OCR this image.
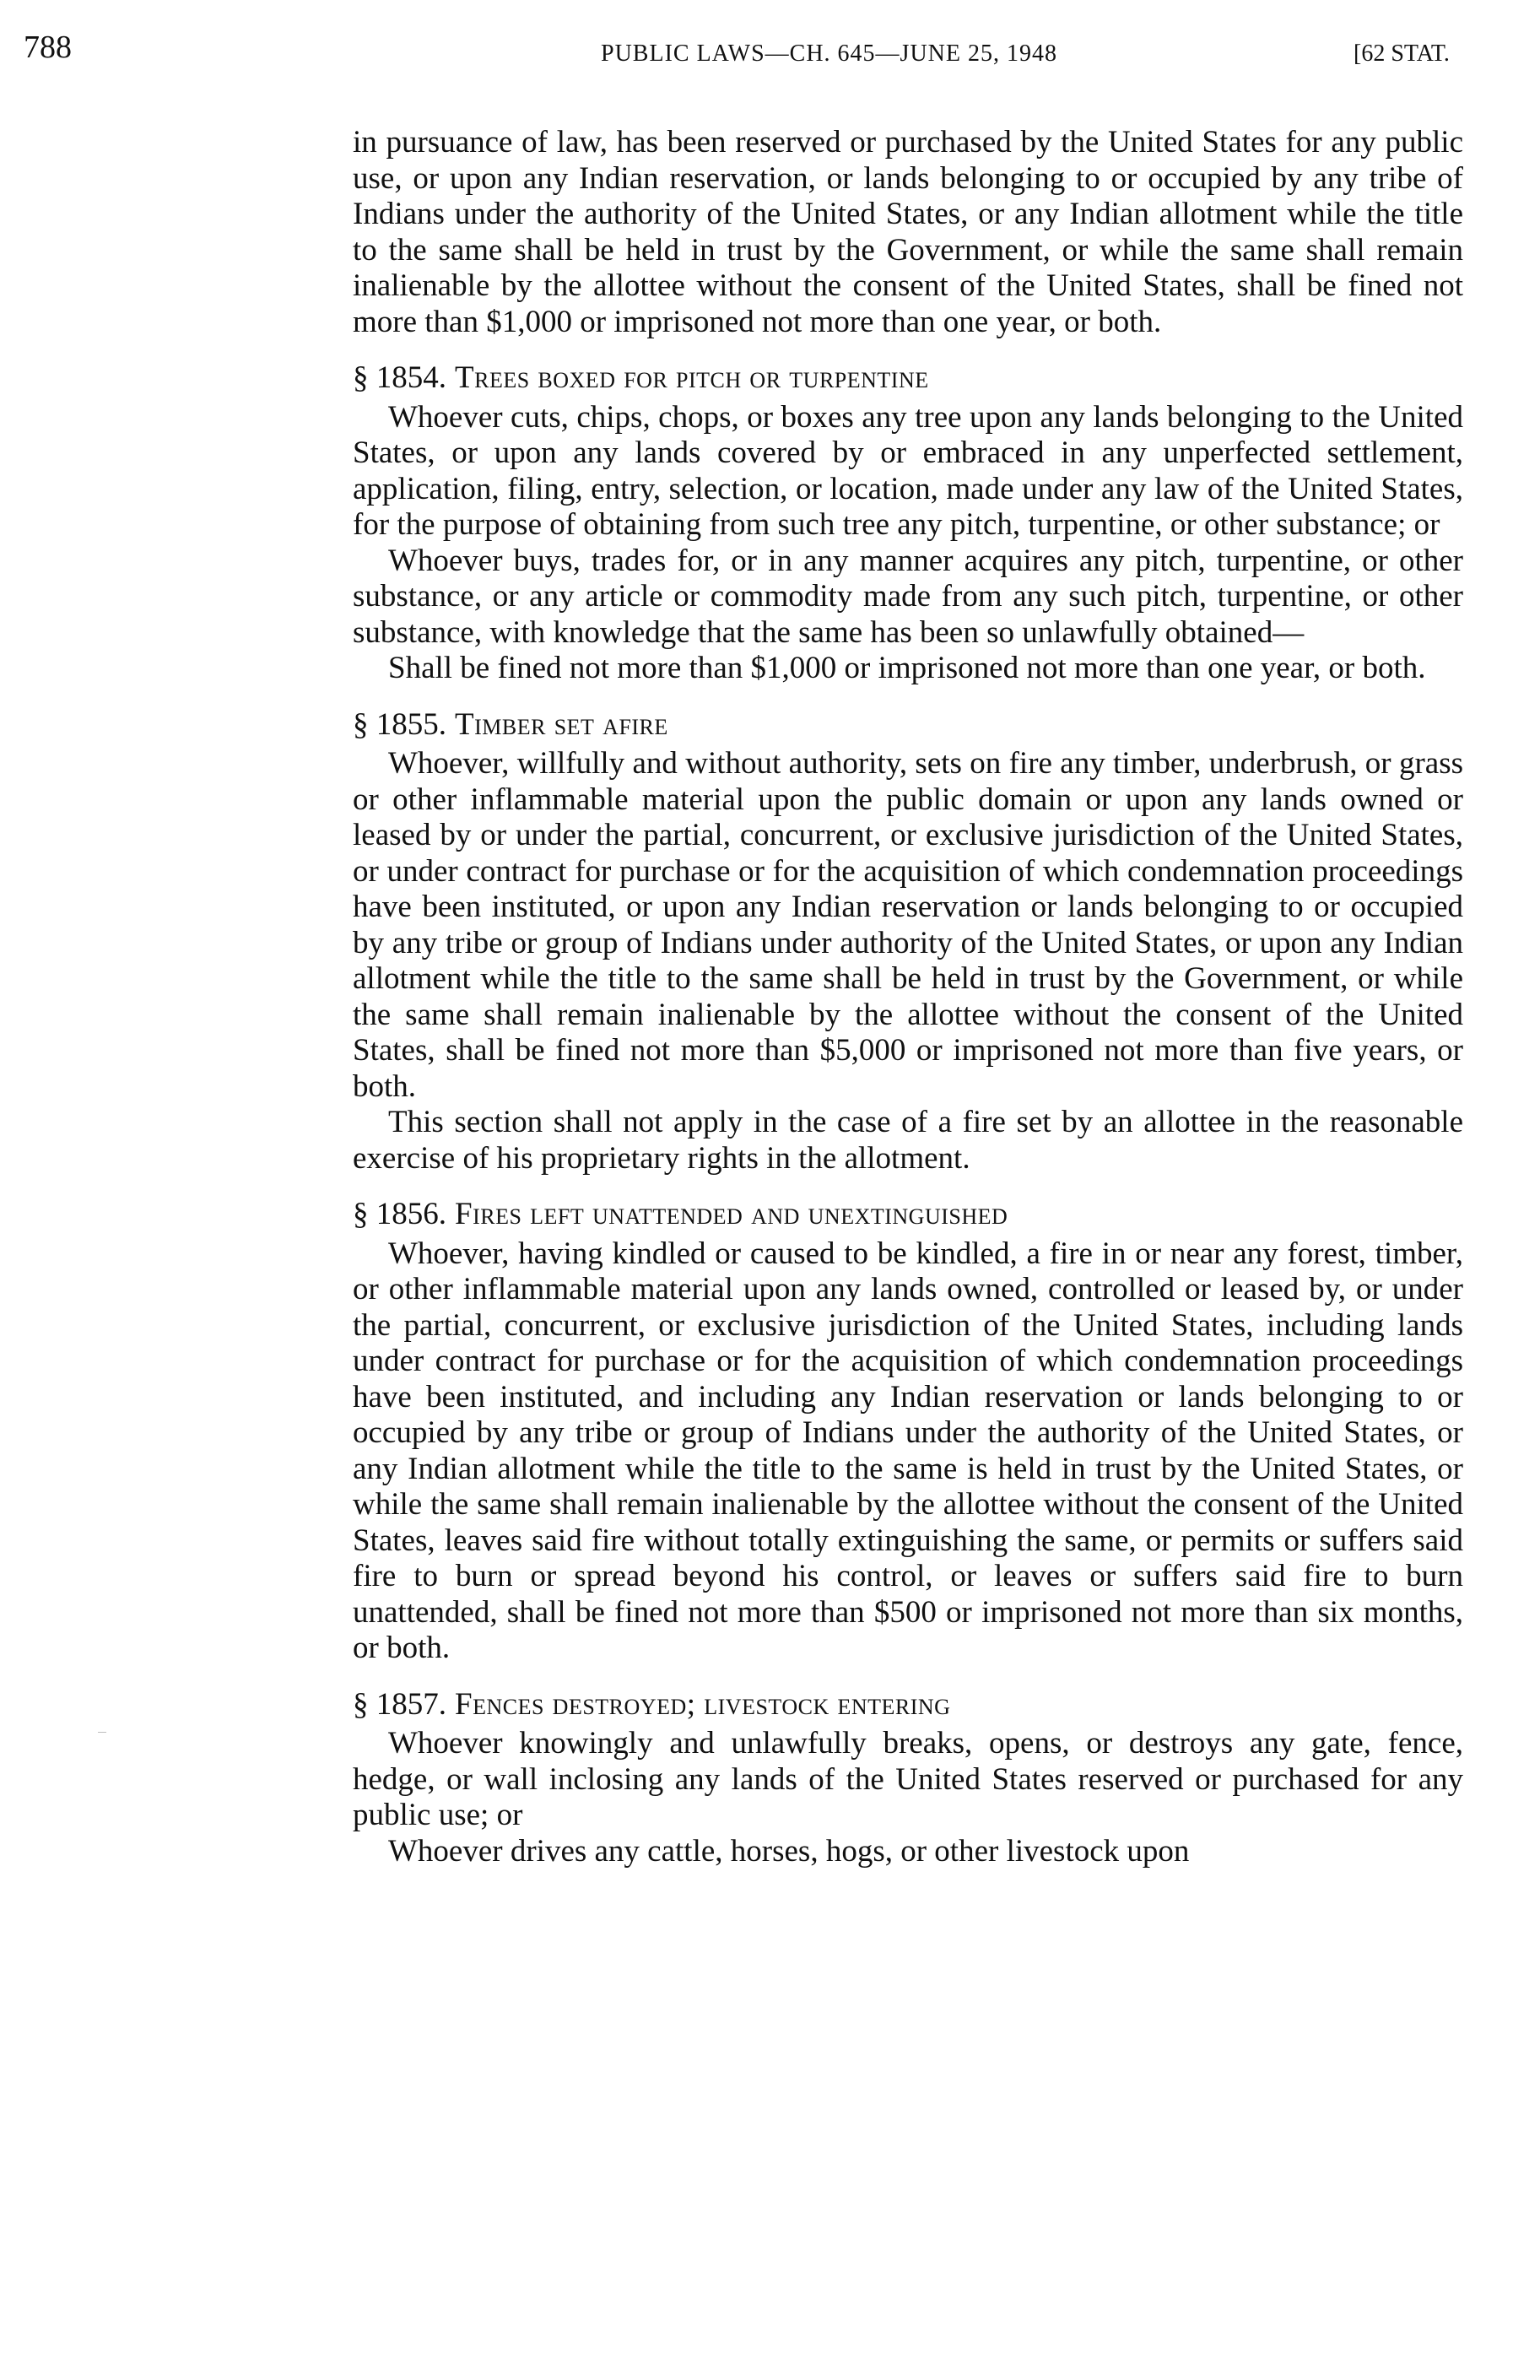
788	PUBLIC LAWS—CH. 645—JUNE 25, 1948	[62 STAT.

in pursuance of law, has been reserved or purchased by the United States for any public use, or upon any Indian reservation, or lands belonging to or occupied by any tribe of Indians under the authority of the United States, or any Indian allotment while the title to the same shall be held in trust by the Government, or while the same shall remain inalienable by the allottee without the consent of the United States, shall be fined not more than $1,000 or imprisoned not more than one year, or both.

§ 1854. Trees boxed for pitch or turpentine

Whoever cuts, chips, chops, or boxes any tree upon any lands belonging to the United States, or upon any lands covered by or embraced in any unperfected settlement, application, filing, entry, selection, or location, made under any law of the United States, for the purpose of obtaining from such tree any pitch, turpentine, or other substance; or

Whoever buys, trades for, or in any manner acquires any pitch, turpentine, or other substance, or any article or commodity made from any such pitch, turpentine, or other substance, with knowledge that the same has been so unlawfully obtained—

Shall be fined not more than $1,000 or imprisoned not more than one year, or both.

§ 1855. Timber set afire

Whoever, willfully and without authority, sets on fire any timber, underbrush, or grass or other inflammable material upon the public domain or upon any lands owned or leased by or under the partial, concurrent, or exclusive jurisdiction of the United States, or under contract for purchase or for the acquisition of which condemnation proceedings have been instituted, or upon any Indian reservation or lands belonging to or occupied by any tribe or group of Indians under authority of the United States, or upon any Indian allotment while the title to the same shall be held in trust by the Government, or while the same shall remain inalienable by the allottee without the consent of the United States, shall be fined not more than $5,000 or imprisoned not more than five years, or both.

This section shall not apply in the case of a fire set by an allottee in the reasonable exercise of his proprietary rights in the allotment.

§ 1856. Fires left unattended and unextinguished

Whoever, having kindled or caused to be kindled, a fire in or near any forest, timber, or other inflammable material upon any lands owned, controlled or leased by, or under the partial, concurrent, or exclusive jurisdiction of the United States, including lands under contract for purchase or for the acquisition of which condemnation proceedings have been instituted, and including any Indian reservation or lands belonging to or occupied by any tribe or group of Indians under the authority of the United States, or any Indian allotment while the title to the same is held in trust by the United States, or while the same shall remain inalienable by the allottee without the consent of the United States, leaves said fire without totally extinguishing the same, or permits or suffers said fire to burn or spread beyond his control, or leaves or suffers said fire to burn unattended, shall be fined not more than $500 or imprisoned not more than six months, or both.

§ 1857. Fences destroyed; livestock entering

Whoever knowingly and unlawfully breaks, opens, or destroys any gate, fence, hedge, or wall inclosing any lands of the United States reserved or purchased for any public use; or

Whoever drives any cattle, horses, hogs, or other livestock upon
